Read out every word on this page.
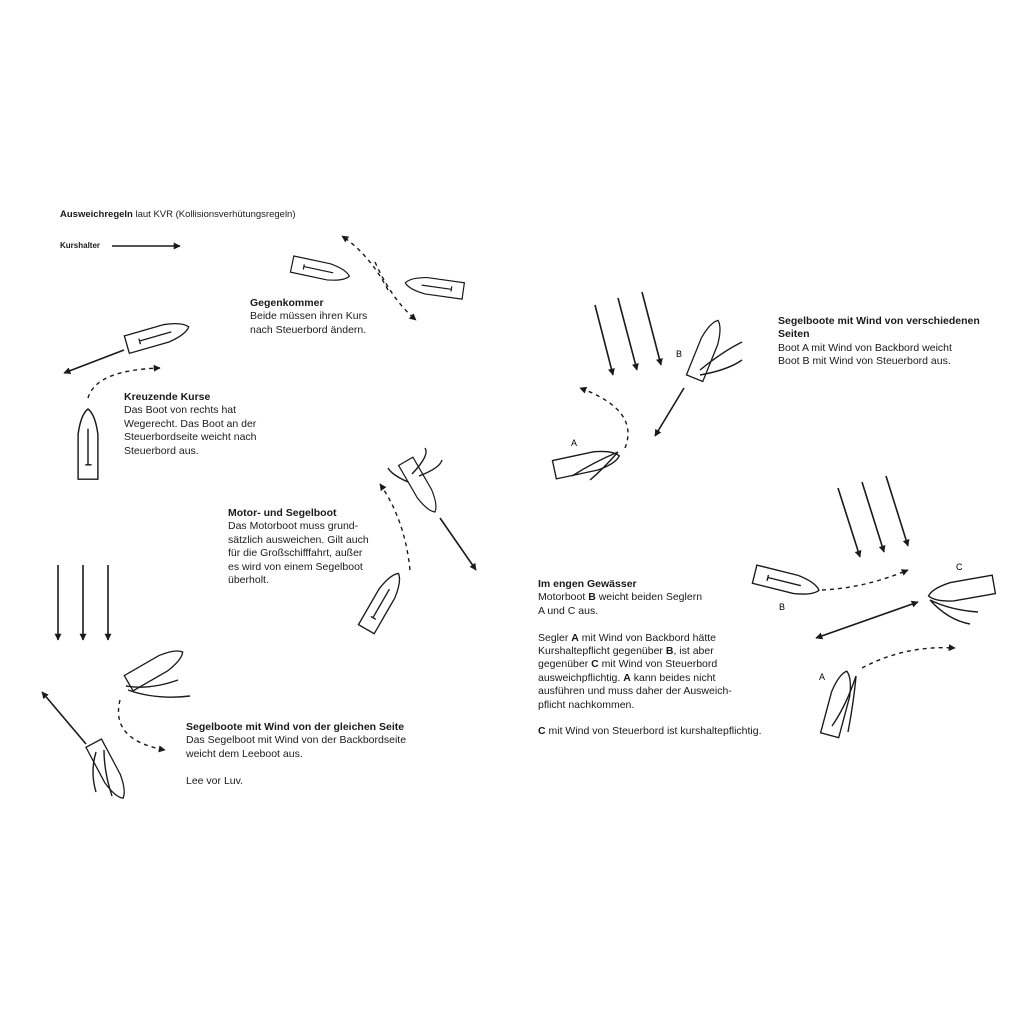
A
B
B
C
A
Ausweichregeln laut KVR (Kollisionsverhütungsregeln)
Kurshalter
Gegenkommer
Beide müssen ihren Kurs
nach Steuerbord ändern.
Kreuzende Kurse
Das Boot von rechts hat
Wegerecht. Das Boot an der
Steuerbordseite weicht nach
Steuerbord aus.
Motor- und Segelboot
Das Motorboot muss grund-
sätzlich ausweichen. Gilt auch
für die Großschifffahrt, außer
es wird von einem Segelboot
überholt.
Segelboote mit Wind von der gleichen Seite
Das Segelboot mit Wind von der Backbordseite
weicht dem Leeboot aus.

Lee vor Luv.
Segelboote mit Wind von verschiedenen
Seiten
Boot A mit Wind von Backbord weicht
Boot B mit Wind von Steuerbord aus.
Im engen Gewässer
Motorboot B weicht beiden Seglern
A und C aus.

Segler A mit Wind von Backbord hätte
Kurshaltepflicht gegenüber B, ist aber
gegenüber C mit Wind von Steuerbord
ausweichpflichtig. A kann beides nicht
ausführen und muss daher der Ausweich-
pflicht nachkommen.

C mit Wind von Steuerbord ist kurshaltepflichtig.
